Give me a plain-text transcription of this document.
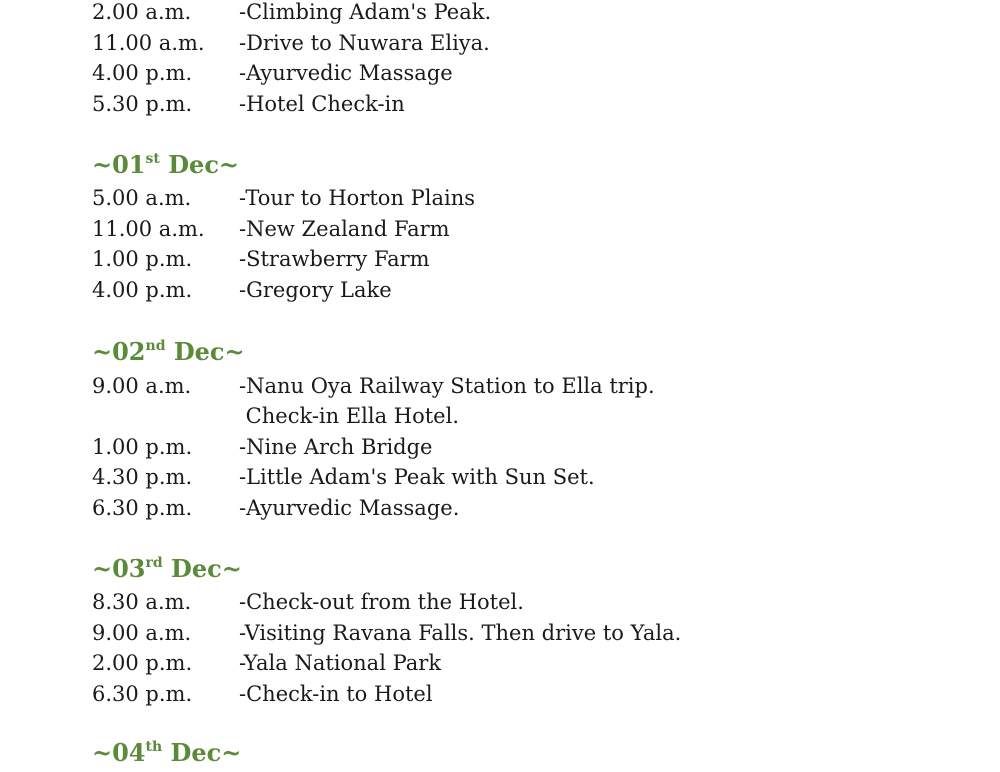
2.00 a.m. -Climbing Adam's Peak.
11.00 a.m. -Drive to Nuwara Eliya.
4.00 p.m. -Ayurvedic Massage
5.30 p.m. -Hotel Check-in
~01st Dec~
5.00 a.m. -Tour to Horton Plains
11.00 a.m. -New Zealand Farm
1.00 p.m. -Strawberry Farm
4.00 p.m. -Gregory Lake
~02nd Dec~
9.00 a.m. -Nanu Oya Railway Station to Ella trip.
Check-in Ella Hotel.
1.00 p.m. -Nine Arch Bridge
4.30 p.m. -Little Adam's Peak with Sun Set.
6.30 p.m. -Ayurvedic Massage.
~03rd Dec~
8.30 a.m. -Check-out from the Hotel.
9.00 a.m. -Visiting Ravana Falls. Then drive to Yala.
2.00 p.m. -Yala National Park
6.30 p.m. -Check-in to Hotel
~04th Dec~
